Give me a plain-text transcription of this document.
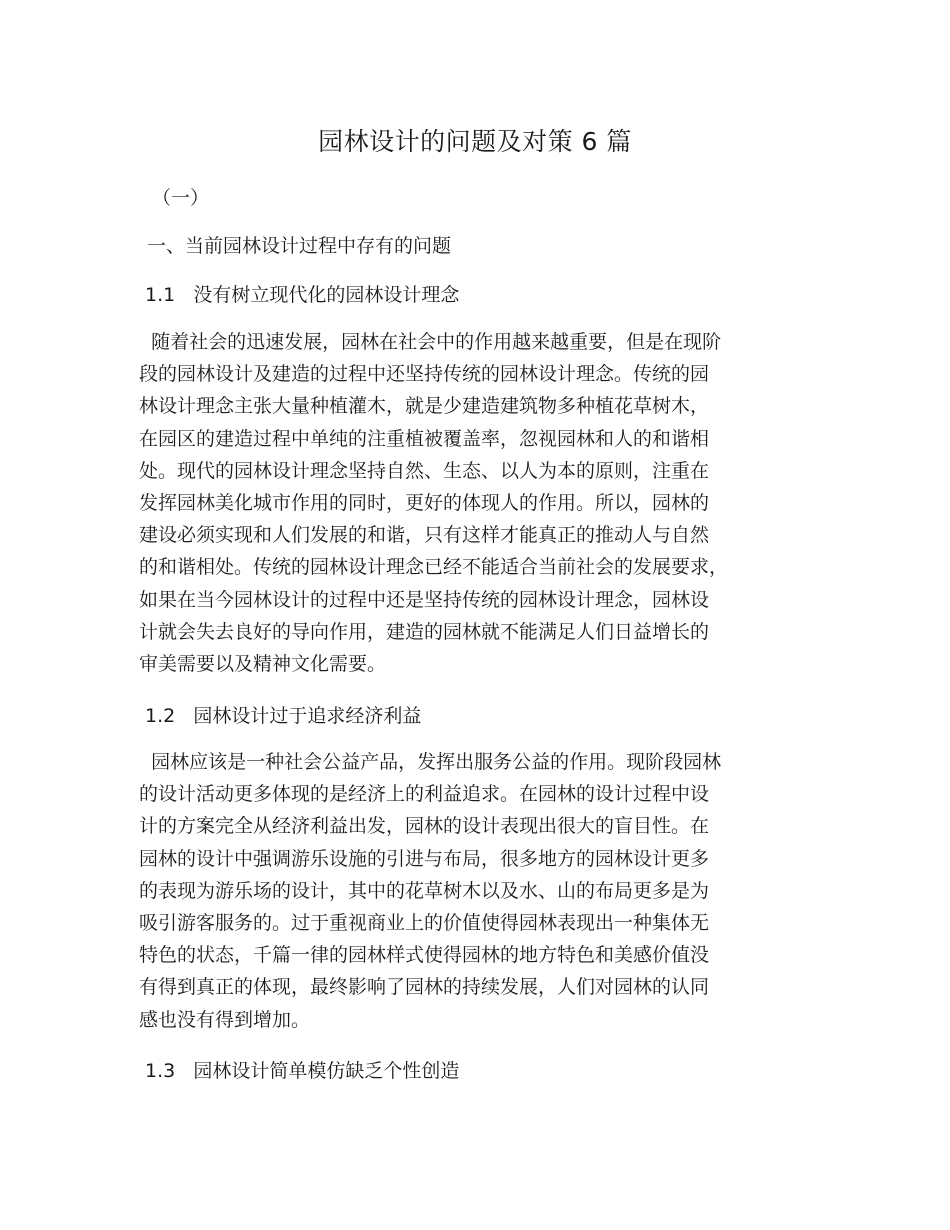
园林设计的问题及对策 6 篇

（一）

一、当前园林设计过程中存有的问题

1.1   没有树立现代化的园林设计理念

随着社会的迅速发展，园林在社会中的作用越来越重要，但是在现阶
段的园林设计及建造的过程中还坚持传统的园林设计理念。传统的园
林设计理念主张大量种植灌木，就是少建造建筑物多种植花草树木，
在园区的建造过程中单纯的注重植被覆盖率，忽视园林和人的和谐相
处。现代的园林设计理念坚持自然、生态、以人为本的原则，注重在
发挥园林美化城市作用的同时，更好的体现人的作用。所以，园林的
建设必须实现和人们发展的和谐，只有这样才能真正的推动人与自然
的和谐相处。传统的园林设计理念已经不能适合当前社会的发展要求，
如果在当今园林设计的过程中还是坚持传统的园林设计理念，园林设
计就会失去良好的导向作用，建造的园林就不能满足人们日益增长的
审美需要以及精神文化需要。

1.2   园林设计过于追求经济利益

园林应该是一种社会公益产品，发挥出服务公益的作用。现阶段园林
的设计活动更多体现的是经济上的利益追求。在园林的设计过程中设
计的方案完全从经济利益出发，园林的设计表现出很大的盲目性。在
园林的设计中强调游乐设施的引进与布局，很多地方的园林设计更多
的表现为游乐场的设计，其中的花草树木以及水、山的布局更多是为
吸引游客服务的。过于重视商业上的价值使得园林表现出一种集体无
特色的状态，千篇一律的园林样式使得园林的地方特色和美感价值没
有得到真正的体现，最终影响了园林的持续发展，人们对园林的认同
感也没有得到增加。

1.3   园林设计简单模仿缺乏个性创造
